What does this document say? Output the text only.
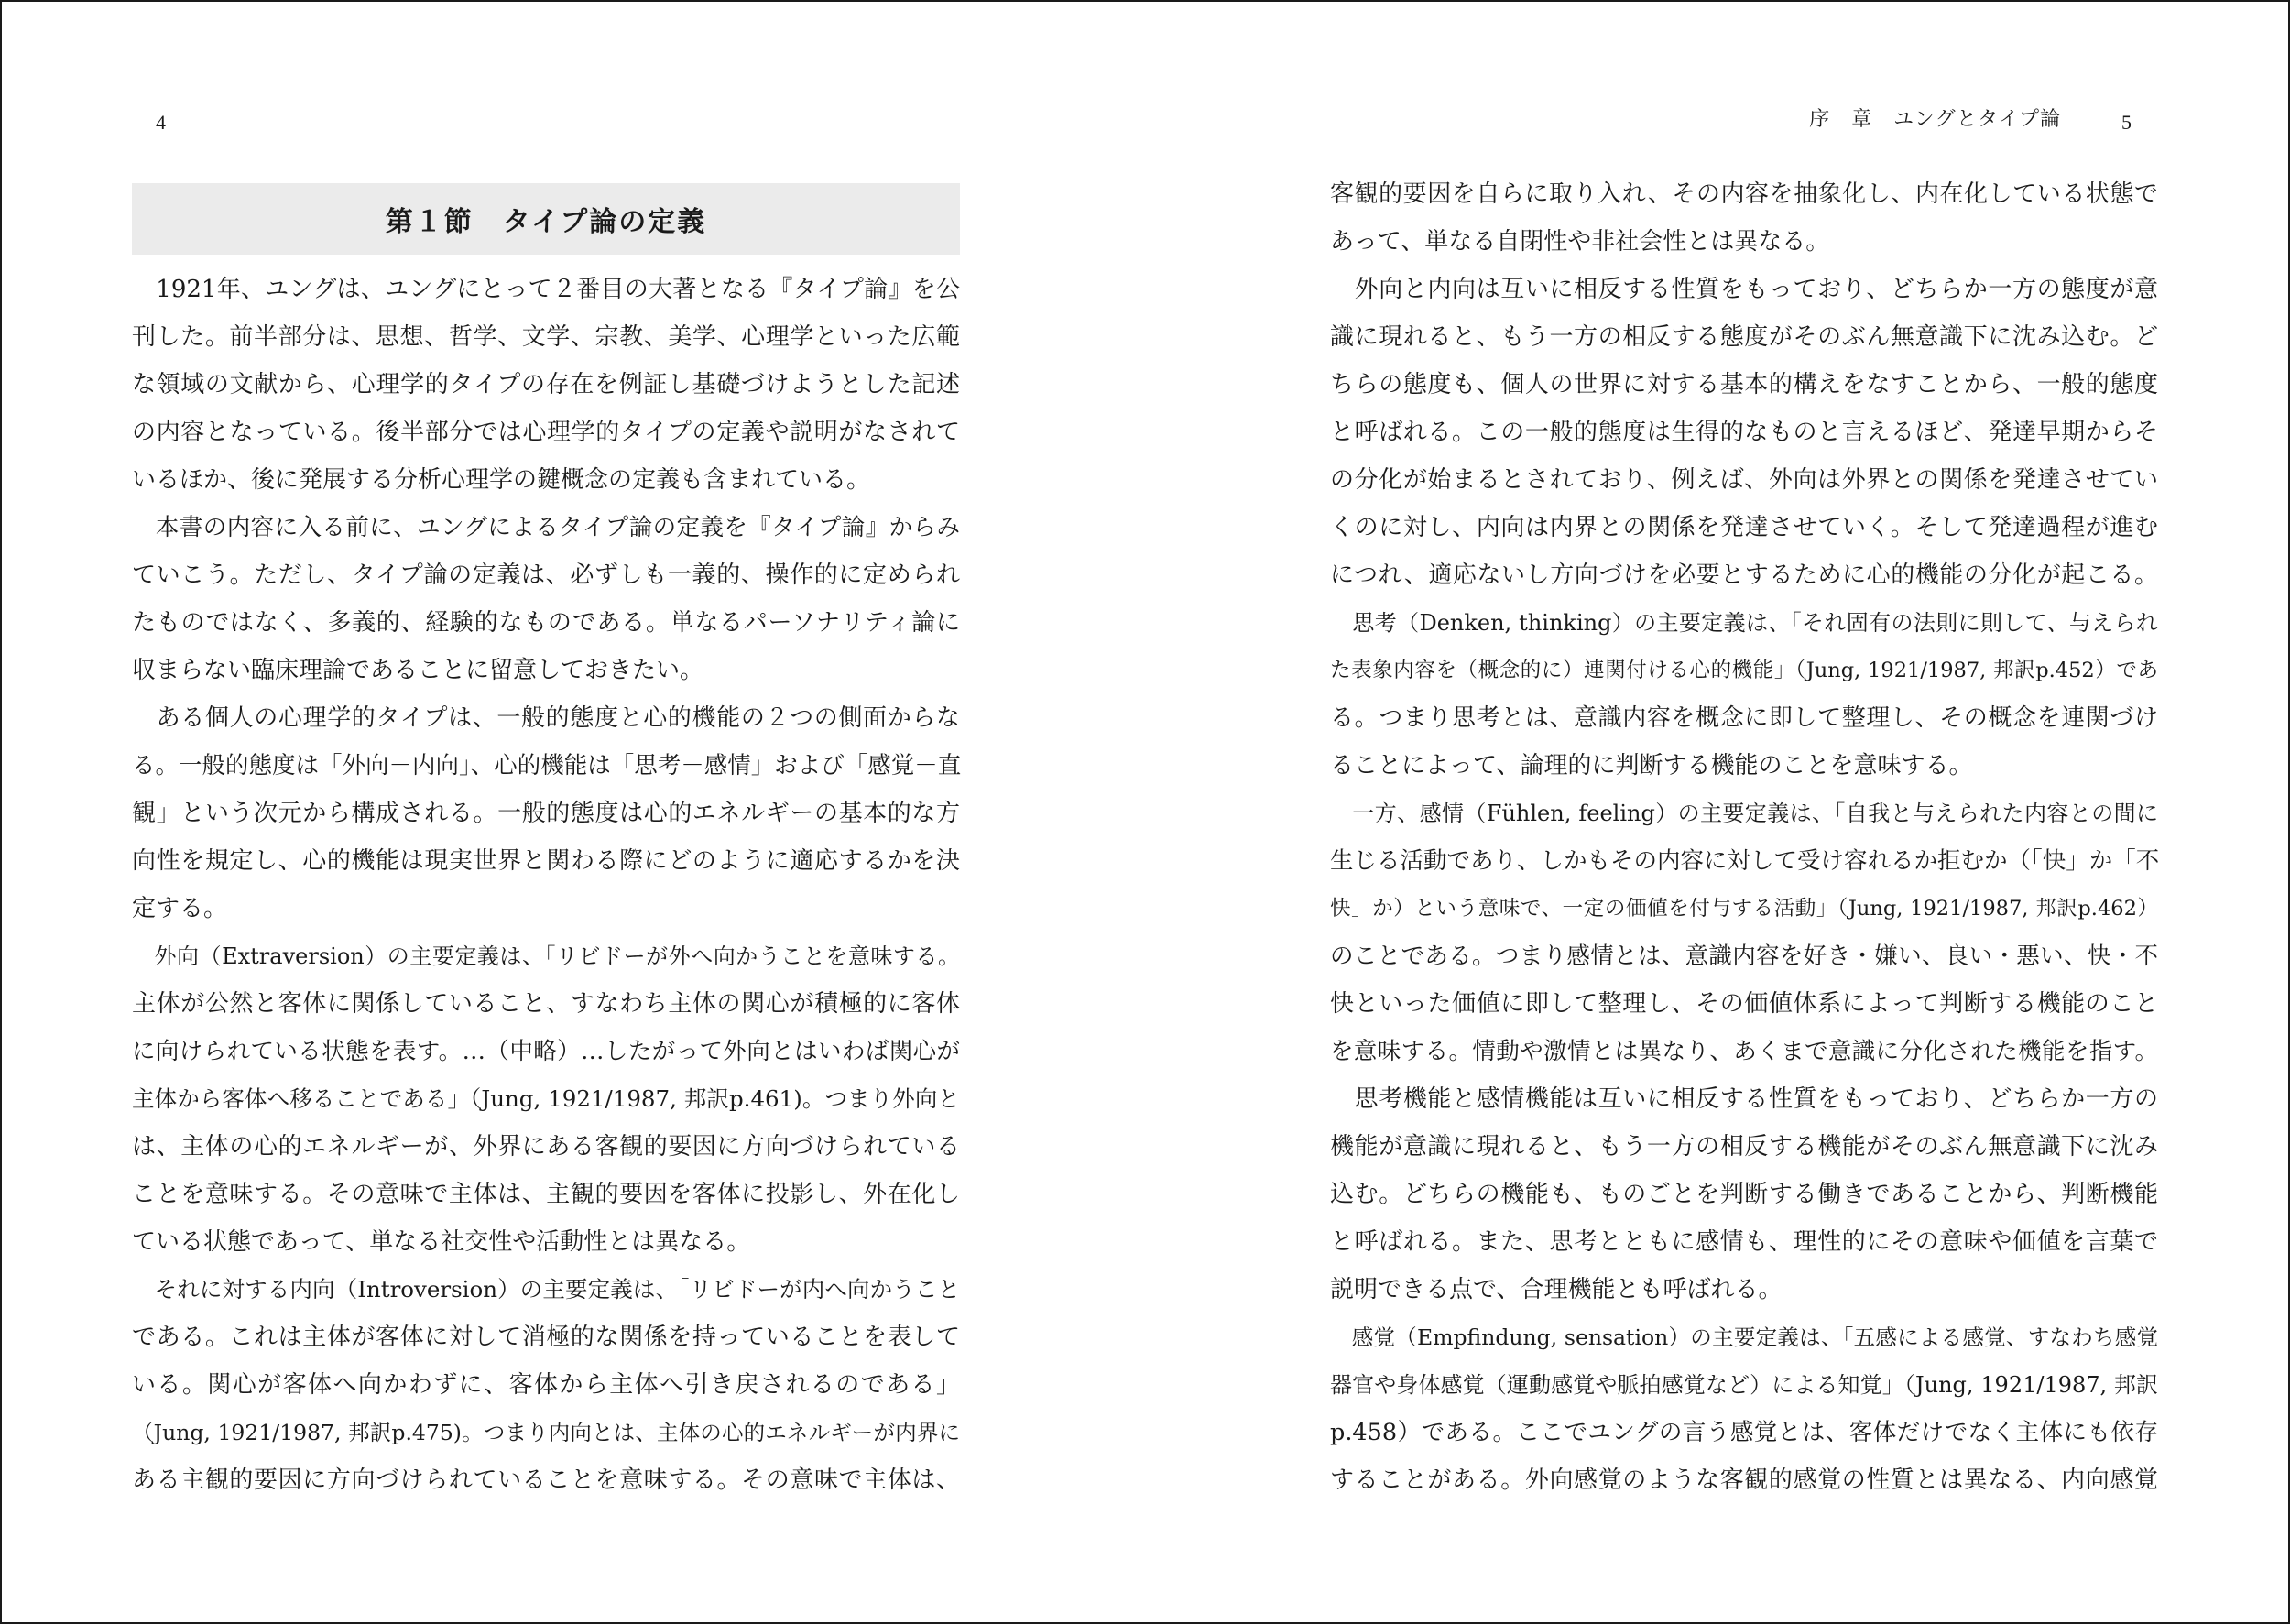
4
第１節　タイプ論の定義
　1921年、ユングは、ユングにとって２番目の大著となる『タイプ論』を公
刊した。前半部分は、思想、哲学、文学、宗教、美学、心理学といった広範
な領域の文献から、心理学的タイプの存在を例証し基礎づけようとした記述
の内容となっている。後半部分では心理学的タイプの定義や説明がなされて
いるほか、後に発展する分析心理学の鍵概念の定義も含まれている。
　本書の内容に入る前に、ユングによるタイプ論の定義を『タイプ論』からみ
ていこう。ただし、タイプ論の定義は、必ずしも一義的、操作的に定められ
たものではなく、多義的、経験的なものである。単なるパーソナリティ論に
収まらない臨床理論であることに留意しておきたい。
　ある個人の心理学的タイプは、一般的態度と心的機能の２つの側面からな
る。一般的態度は「外向－内向」、心的機能は「思考－感情」および「感覚－直
観」という次元から構成される。一般的態度は心的エネルギーの基本的な方
向性を規定し、心的機能は現実世界と関わる際にどのように適応するかを決
定する。
　外向（Extraversion）の主要定義は、「リビドーが外へ向かうことを意味する。
主体が公然と客体に関係していること、すなわち主体の関心が積極的に客体
に向けられている状態を表す。…（中略）…したがって外向とはいわば関心が
主体から客体へ移ることである」（Jung, 1921/1987, 邦訳p.461)。つまり外向と
は、主体の心的エネルギーが、外界にある客観的要因に方向づけられている
ことを意味する。その意味で主体は、主観的要因を客体に投影し、外在化し
ている状態であって、単なる社交性や活動性とは異なる。
　それに対する内向（Introversion）の主要定義は、「リビドーが内へ向かうこと
である。これは主体が客体に対して消極的な関係を持っていることを表して
いる。関心が客体へ向かわずに、客体から主体へ引き戻されるのである」
（Jung, 1921/1987, 邦訳p.475)。つまり内向とは、主体の心的エネルギーが内界に
ある主観的要因に方向づけられていることを意味する。その意味で主体は、
序　章　ユングとタイプ論	5
客観的要因を自らに取り入れ、その内容を抽象化し、内在化している状態で
あって、単なる自閉性や非社会性とは異なる。
　外向と内向は互いに相反する性質をもっており、どちらか一方の態度が意
識に現れると、もう一方の相反する態度がそのぶん無意識下に沈み込む。ど
ちらの態度も、個人の世界に対する基本的構えをなすことから、一般的態度
と呼ばれる。この一般的態度は生得的なものと言えるほど、発達早期からそ
の分化が始まるとされており、例えば、外向は外界との関係を発達させてい
くのに対し、内向は内界との関係を発達させていく。そして発達過程が進む
につれ、適応ないし方向づけを必要とするために心的機能の分化が起こる。
　思考（Denken, thinking）の主要定義は、「それ固有の法則に則して、与えられ
た表象内容を（概念的に）連関付ける心的機能」（Jung, 1921/1987, 邦訳p.452）であ
る。つまり思考とは、意識内容を概念に即して整理し、その概念を連関づけ
ることによって、論理的に判断する機能のことを意味する。
　一方、感情（Fühlen, feeling）の主要定義は、「自我と与えられた内容との間に
生じる活動であり、しかもその内容に対して受け容れるか拒むか（「快」か「不
快」か）という意味で、一定の価値を付与する活動」（Jung, 1921/1987, 邦訳p.462）
のことである。つまり感情とは、意識内容を好き・嫌い、良い・悪い、快・不
快といった価値に即して整理し、その価値体系によって判断する機能のこと
を意味する。情動や激情とは異なり、あくまで意識に分化された機能を指す。
　思考機能と感情機能は互いに相反する性質をもっており、どちらか一方の
機能が意識に現れると、もう一方の相反する機能がそのぶん無意識下に沈み
込む。どちらの機能も、ものごとを判断する働きであることから、判断機能
と呼ばれる。また、思考とともに感情も、理性的にその意味や価値を言葉で
説明できる点で、合理機能とも呼ばれる。
　感覚（Empfindung, sensation）の主要定義は、「五感による感覚、すなわち感覚
器官や身体感覚（運動感覚や脈拍感覚など）による知覚」（Jung, 1921/1987, 邦訳
p.458）である。ここでユングの言う感覚とは、客体だけでなく主体にも依存
することがある。外向感覚のような客観的感覚の性質とは異なる、内向感覚
